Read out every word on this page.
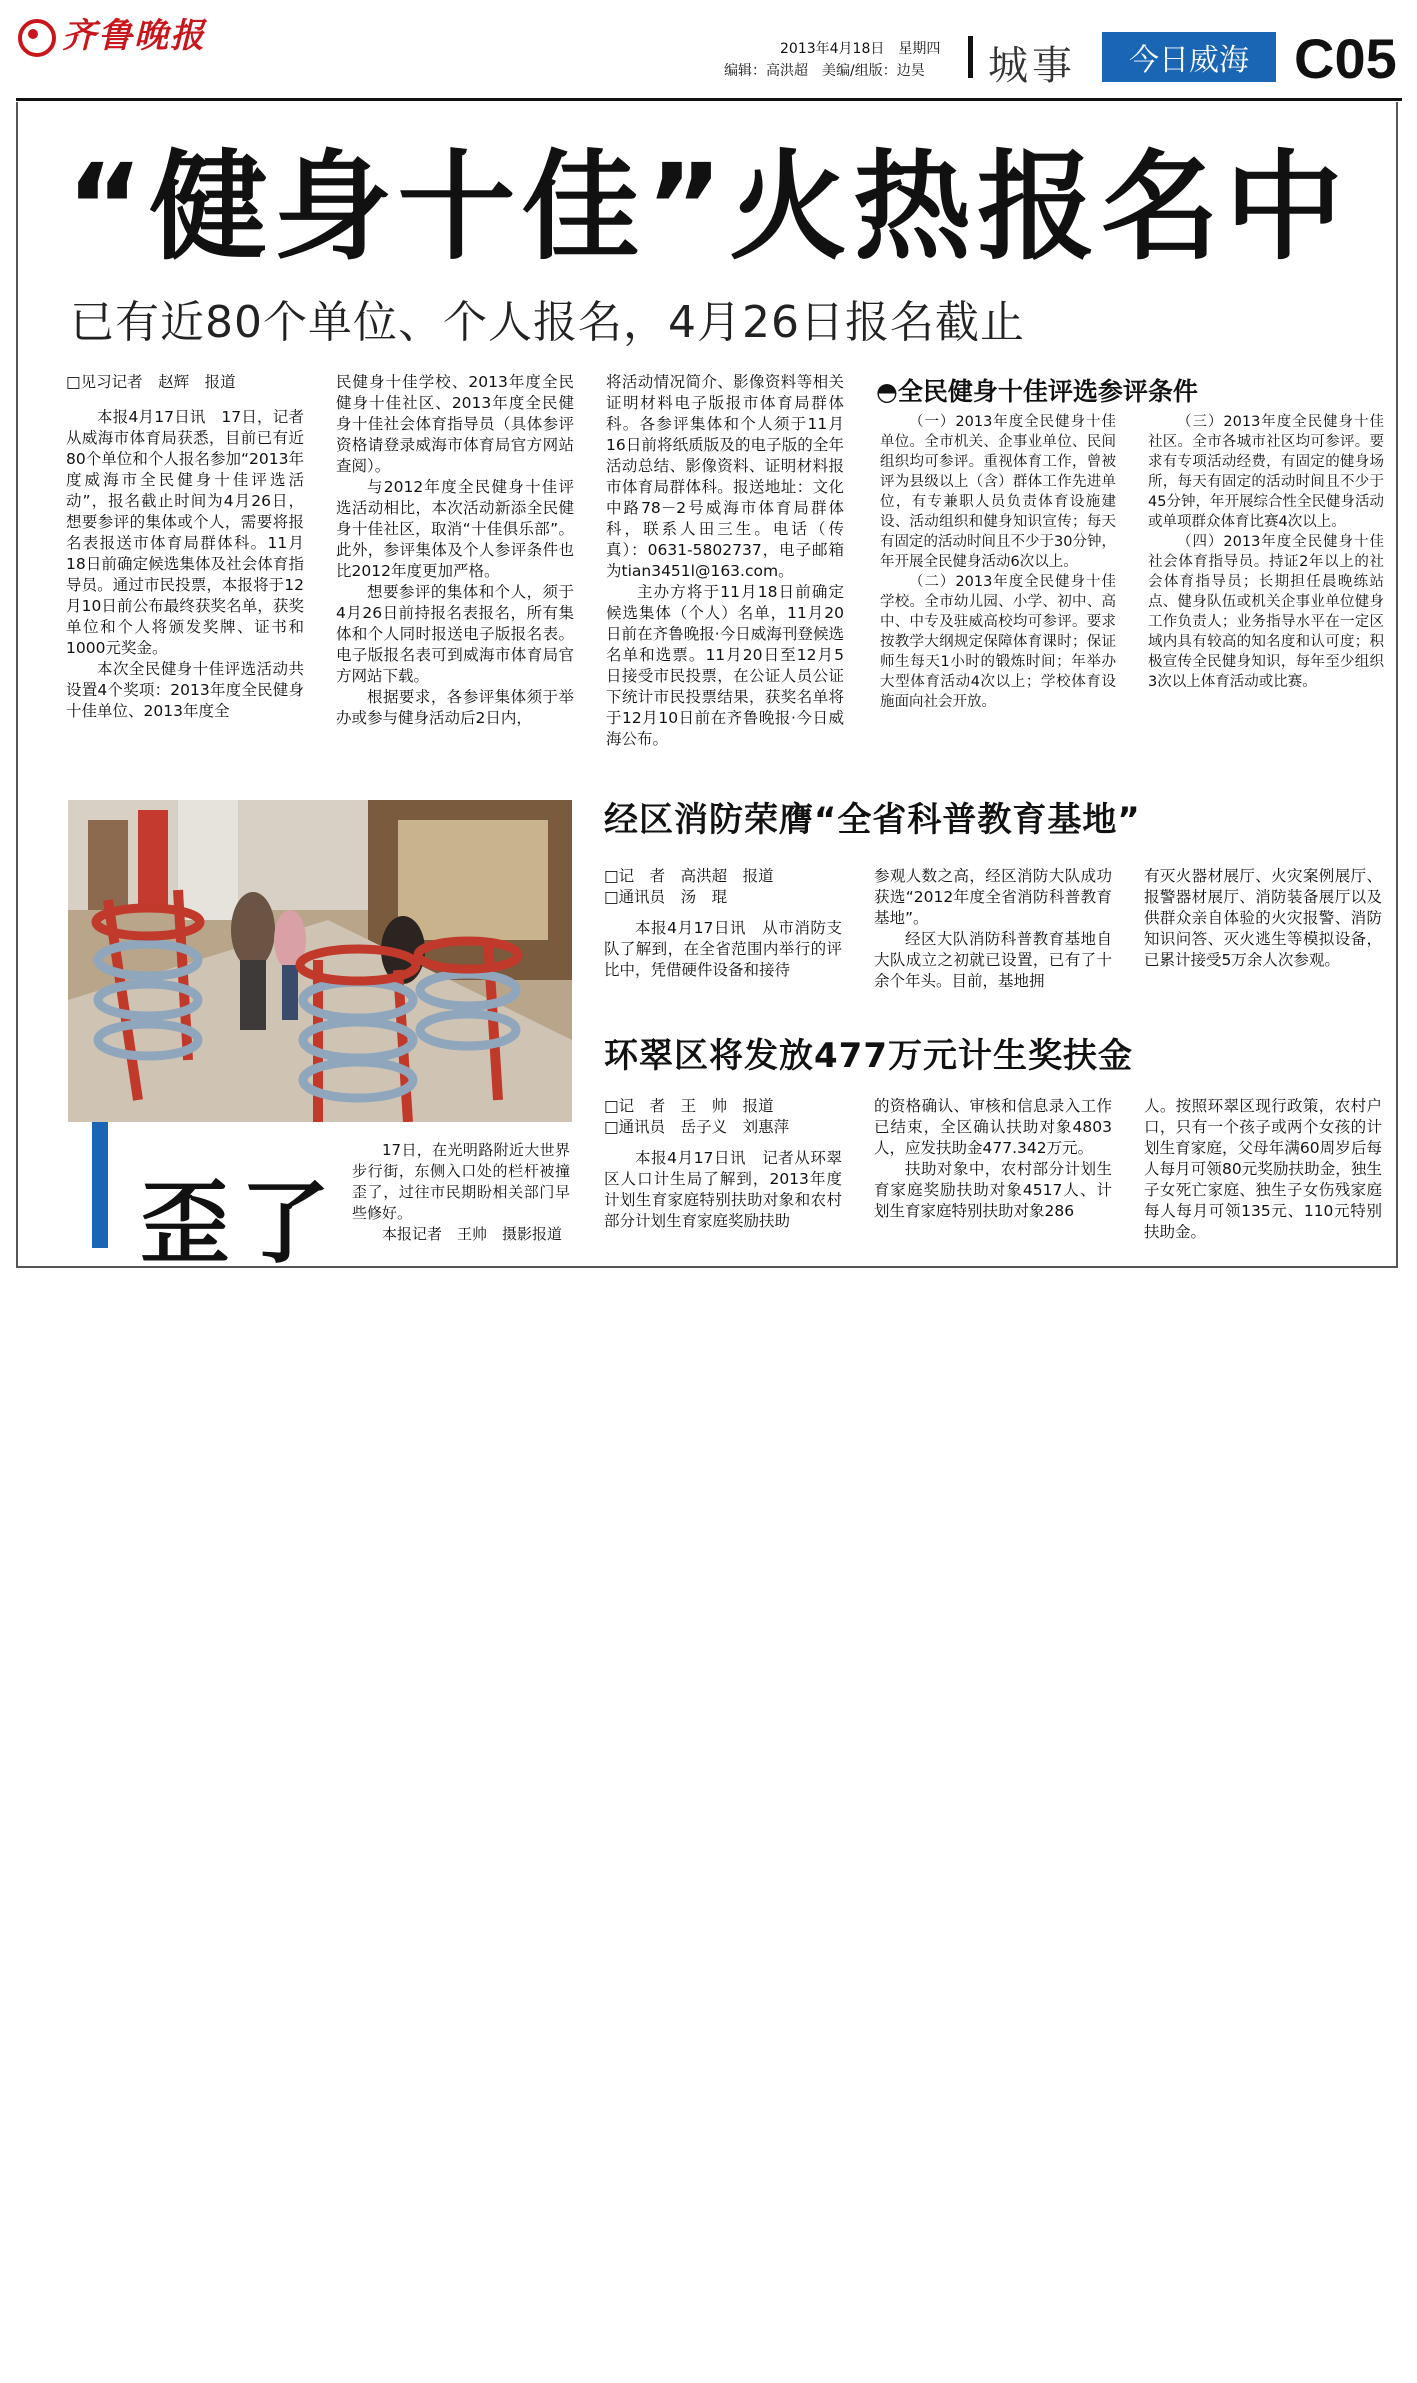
齐鲁晚报	2013年4月18日　星期四
编辑：高洪超　美编/组版：边昊 城事	今日威海 C05
“健身十佳”火热报名中
已有近80个单位、个人报名，4月26日报名截止

□见习记者　赵辉　报道

本报4月17日讯　17日，记者从威海市体育局获悉，目前已有近80个单位和个人报名参加“2013年度威海市全民健身十佳评选活动”，报名截止时间为4月26日，想要参评的集体或个人，需要将报名表报送市体育局群体科。11月18日前确定候选集体及社会体育指导员。通过市民投票，本报将于12月10日前公布最终获奖名单，获奖单位和个人将颁发奖牌、证书和1000元奖金。

本次全民健身十佳评选活动共设置4个奖项：2013年度全民健身十佳单位、2013年度全

民健身十佳学校、2013年度全民健身十佳社区、2013年度全民健身十佳社会体育指导员（具体参评资格请登录威海市体育局官方网站查阅）。

与2012年度全民健身十佳评选活动相比，本次活动新添全民健身十佳社区，取消“十佳俱乐部”。此外，参评集体及个人参评条件也比2012年度更加严格。

想要参评的集体和个人，须于4月26日前持报名表报名，所有集体和个人同时报送电子版报名表。电子版报名表可到威海市体育局官方网站下载。

根据要求，各参评集体须于举办或参与健身活动后2日内，

将活动情况简介、影像资料等相关证明材料电子版报市体育局群体科。各参评集体和个人须于11月16日前将纸质版及的电子版的全年活动总结、影像资料、证明材料报市体育局群体科。报送地址：文化中路78－2号威海市体育局群体科，联系人田三生。电话（传真）：0631-5802737，电子邮箱为tian3451l@163.com。

主办方将于11月18日前确定候选集体（个人）名单，11月20日前在齐鲁晚报·今日威海刊登候选名单和选票。11月20日至12月5日接受市民投票，在公证人员公证下统计市民投票结果，获奖名单将于12月10日前在齐鲁晚报·今日威海公布。

◓全民健身十佳评选参评条件

（一）2013年度全民健身十佳单位。全市机关、企事业单位、民间组织均可参评。重视体育工作，曾被评为县级以上（含）群体工作先进单位，有专兼职人员负责体育设施建设、活动组织和健身知识宣传；每天有固定的活动时间且不少于30分钟，年开展全民健身活动6次以上。

（二）2013年度全民健身十佳学校。全市幼儿园、小学、初中、高中、中专及驻威高校均可参评。要求按教学大纲规定保障体育课时；保证师生每天1小时的锻炼时间；年举办大型体育活动4次以上；学校体育设施面向社会开放。

（三）2013年度全民健身十佳社区。全市各城市社区均可参评。要求有专项活动经费，有固定的健身场所，每天有固定的活动时间且不少于45分钟，年开展综合性全民健身活动或单项群众体育比赛4次以上。

（四）2013年度全民健身十佳社会体育指导员。持证2年以上的社会体育指导员；长期担任晨晚练站点、健身队伍或机关企事业单位健身工作负责人；业务指导水平在一定区域内具有较高的知名度和认可度；积极宣传全民健身知识，每年至少组织3次以上体育活动或比赛。

歪了

17日，在光明路附近大世界步行街，东侧入口处的栏杆被撞歪了，过往市民期盼相关部门早些修好。

本报记者　王帅　摄影报道

经区消防荣膺“全省科普教育基地”

□记　者　高洪超　报道

□通讯员　汤　琨

本报4月17日讯　从市消防支队了解到，在全省范围内举行的评比中，凭借硬件设备和接待

参观人数之高，经区消防大队成功获选“2012年度全省消防科普教育基地”。

经区大队消防科普教育基地自大队成立之初就已设置，已有了十余个年头。目前，基地拥

有灭火器材展厅、火灾案例展厅、报警器材展厅、消防装备展厅以及供群众亲自体验的火灾报警、消防知识问答、灭火逃生等模拟设备，已累计接受5万余人次参观。

环翠区将发放477万元计生奖扶金

□记　者　王　帅　报道

□通讯员　岳子义　刘惠萍

本报4月17日讯　记者从环翠区人口计生局了解到，2013年度计划生育家庭特别扶助对象和农村部分计划生育家庭奖励扶助

的资格确认、审核和信息录入工作已结束，全区确认扶助对象4803人，应发扶助金477.342万元。

扶助对象中，农村部分计划生育家庭奖励扶助对象4517人、计划生育家庭特别扶助对象286

人。按照环翠区现行政策，农村户口，只有一个孩子或两个女孩的计划生育家庭，父母年满60周岁后每人每月可领80元奖励扶助金，独生子女死亡家庭、独生子女伤残家庭每人每月可领135元、110元特别扶助金。
